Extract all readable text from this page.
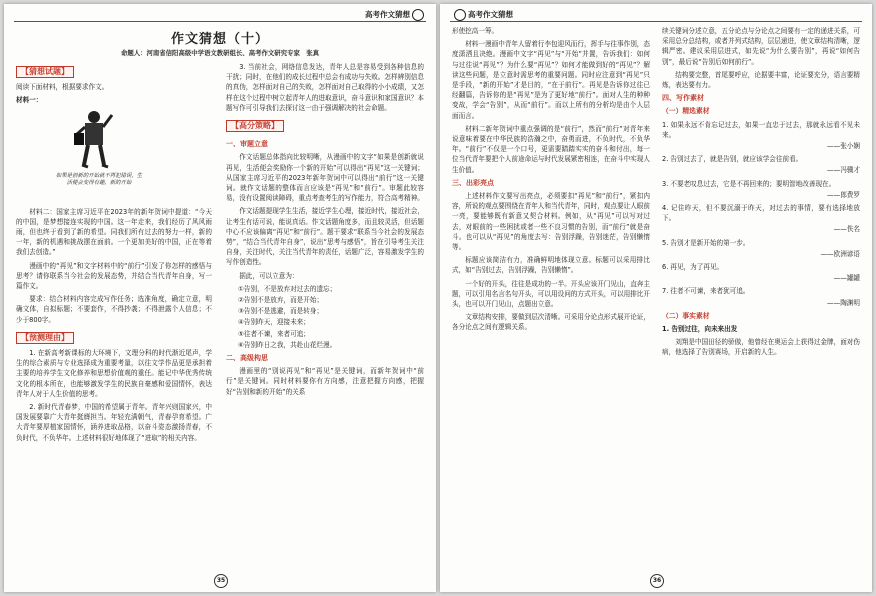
高考作文猜想
作文猜想（十）
命题人：河南省信阳高级中学语文教研组长、高考作文研究专家　张真
【猜想试题】

阅读下面材料，根据要求作文。

材料一：

如果是创新的开始就不再犯错误，生活便会变得有趣，新的开始

材料二：国家主席习近平在2023年的新年贺词中提道：“今天的中国，是梦想接连实现的中国。这一年走来，我们经历了风风雨雨，但也终于看到了新的希望。同我们所有过去的努力一样，新的一年，新的机遇和挑战摆在面前。一个更加美好的中国，正在等着我们去创造。”

漫画中的“再见”和文字材料中的“前行”引发了你怎样的感悟与思考？请你联系当今社会的发展态势，并结合当代青年自身，写一篇作文。

要求：结合材料内容完成写作任务；选准角度，确定立意，明确文体，自拟标题；不要套作，不得抄袭；不得泄露个人信息；不少于800字。

【预测理由】

1. 在新高考新课标的大环境下，文理分科的时代渐近尾声，学生的综合素质与专业选择成为重要考量，以往文学作品更是承担着主要的培养学生文化修养和思想价值观的重任。能记中华优秀传统文化的根本所在，也能够激发学生的民族自豪感和爱国情怀，表达青年人对于人生价值的思考。

2. 新时代青春梦，中国的希望属于青年。青年兴则国家兴，中国发展要靠广大青年挺膺担当。年轻充满朝气，青春孕育希望。广大青年要厚植家国情怀，涵养进取品格，以奋斗姿态激扬青春，不负时代，不负华年。上述材料很好地体现了“进取”的相关内容。

3. 当前社会，网络信息发达，青年人总是容易受到各种信息的干扰；同时，在他们的成长过程中总会有成功与失败。怎样辨别信息的真伪，怎样面对自己的失败，怎样面对自己取得的小小成绩，又怎样在这个过程中树立起青年人的进取意识，奋斗意识和家国意识？本题写作可引导我们去探讨这一由于强调解决的社会命题。

【高分策略】
一、审题立意

作文话题总体指向比较明晰，从漫画中的文字“如果是创新就说再见，生活便会奖励你一个新的开始”可以得出“再见”这一关键词；从国家主席习近平的2023年新年贺词中可以得出“前行”这一关键词。就作文话题的整体而言应该是“再见”和“前行”。审题此较容易，没有设置阅读障碍，重点考查考生的写作能力，符合高考精神。

作文话题提现学生生活，接近学生心理，接近时代，接近社会，让考生有话可说，能说真话。作文话题角度多，而且较灵活，但话题中心不应该偏离“再见”和“前行”。题干要求“联系当今社会的发展态势”，“结合当代青年自身”，说出“思考与感悟”，旨在引导考生关注自身，关注时代，关注当代青年的责任，话题广泛，容易激发学生的写作创造性。

据此，可以立意为：

①告别，不是放弃对过去的遗忘；

②告别不是放弃，而是开始；

③告别不是逃避，而是转身；

④告别昨天，迎接未来；

⑤往者不谏，来者可追；

⑥告别昨日之我，共赴山花烂漫。

二、高级构思

漫画里的“别说再见”和“再见”是关键词，而新年贺词中“前行”是关键词。同时材料要你有方向感，注意把握方向感，把握好“告别和新的开始”的关系

35
高考作文猜想

形使挖高一筹。

材料一漫画中青年人留着行李包迎风而行，挥手与往事作别，态度潇洒且决绝。漫画中文字“再见”与“开始”并置，告诉我们：如何与过往说“再见”？为什么要“再见”？如何才能做到好的“再见”？解读这些问题，是立意时需思考的重要问题。同时应注意到“再见”只是手段，“新的开始”才是目的，“在于前行”。再见是告诉你过往已经翻篇，告诉你的是“再见”是为了更好地“前行”。面对人生的种种变故，学会“告别”，从而“前行”。而以上所有的分析均是由个人层面而言。

材料二新年贺词中重点强调的是“前行”，然而“前行”对青年来说意味着要在中华民族的浩瀚之中，奋勇而进，不负时代，不负华年。“前行”不仅是一个口号，更需要踏踏实实的奋斗和付出，每一位当代青年要把个人前途命运与时代发展紧密相连，在奋斗中实现人生价值。

三、出彩亮点

上述材料作文要写出亮点，必须要扣“再见”和“前行”，紧扣内容，所说的观点要围绕在青年人和当代青年，同时，观点要让人眼前一亮，要能够既有新意又契合材料。例如，从“再见”可以写对过去，对眼前的一些困扰或者一些不良习惯的告别，而“前行”就是奋斗。也可以从“再见”的角度去写：告别浮躁，告别迷茫，告别懒惰等。

标题应该简洁有力，准确鲜明地体现立意。标题可以采用排比式，如“告别过去，告别浮躁，告别懒惰”。

一个好的开头，往往是成功的一半。开头应该开门见山，直奔主题，可以引用名言名句开头，可以用设问的方式开头，可以用排比开头，也可以开门见山，点题出立意。

文章结构安排，要做到层次清晰。可采用分论点形式展开论证，各分论点之间有逻辑关系。

续关键词分述立意，五分论点与分论点之间要有一定的递进关系，可采用总分总结构，或者并列式结构，层层递进，使文章结构清晰，逻辑严密。建议采用层进式，如先说“为什么要告别”，再说“如何告别”，最后说“告别后如何前行”。

结构要完整，首尾要呼应，论据要丰富，论证要充分，语言要精炼，表达要有力。

四、写作素材
（一）精选素材

1. 如果永远不肯忘记过去，如果一直忠于过去，那就永远看不见未来。

——张小娴

2. 告别过去了，就是告别，就应该学会往前看。

——冯骥才

3. 不要老叹息过去，它是不再回来的；要明智地改善现在。

——郎费罗

4. 记住昨天，但不要沉溺于昨天，对过去的事情，要有选择地放下。

——佚名

5. 告别才是新开始的第一步。

——欧洲谚语

6. 再见，为了再见。

——罐罐

7. 往者不可谏，来者犹可追。

——陶渊明

（二）事实素材

1. 告别过往，向未来出发

刘翔是中国田径的骄傲，他曾经在奥运会上获得过金牌，面对伤病，他选择了告别赛场，开启新的人生。

36
